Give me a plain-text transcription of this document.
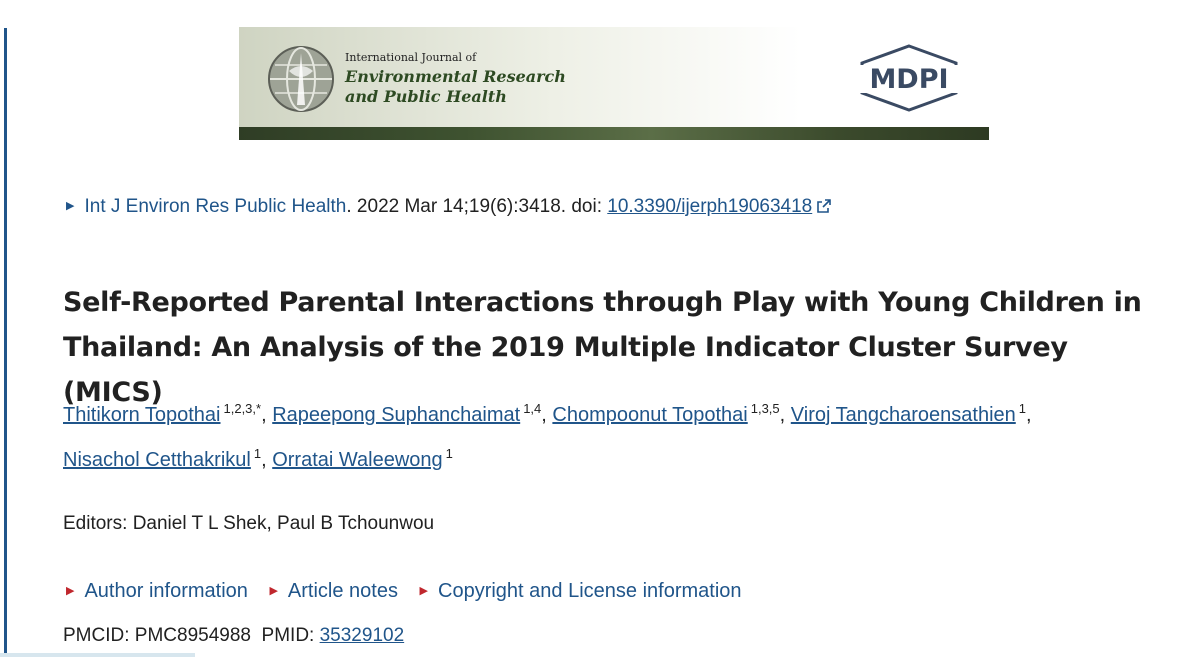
International Journal of
Environmental Research
and Public Health
MDPI
▶ Int J Environ Res Public Health. 2022 Mar 14;19(6):3418. doi: 10.3390/ijerph19063418
Self-Reported Parental Interactions through Play with Young Children in Thailand: An Analysis of the 2019 Multiple Indicator Cluster Survey (MICS)
Thitikorn Topothai $^{1,2,3,*}$, Rapeepong Suphanchaimat $^{1,4}$, Chompoonut Topothai $^{1,3,5}$, Viroj Tangcharoensathien $^1$,
Nisachol Cetthakrikul $^1$, Orratai Waleewong $^1$
Editors: Daniel T L Shek, Paul B Tchounwou
▶ Author information ▶ Article notes ▶ Copyright and License information
PMCID: PMC8954988 PMID: 35329102
